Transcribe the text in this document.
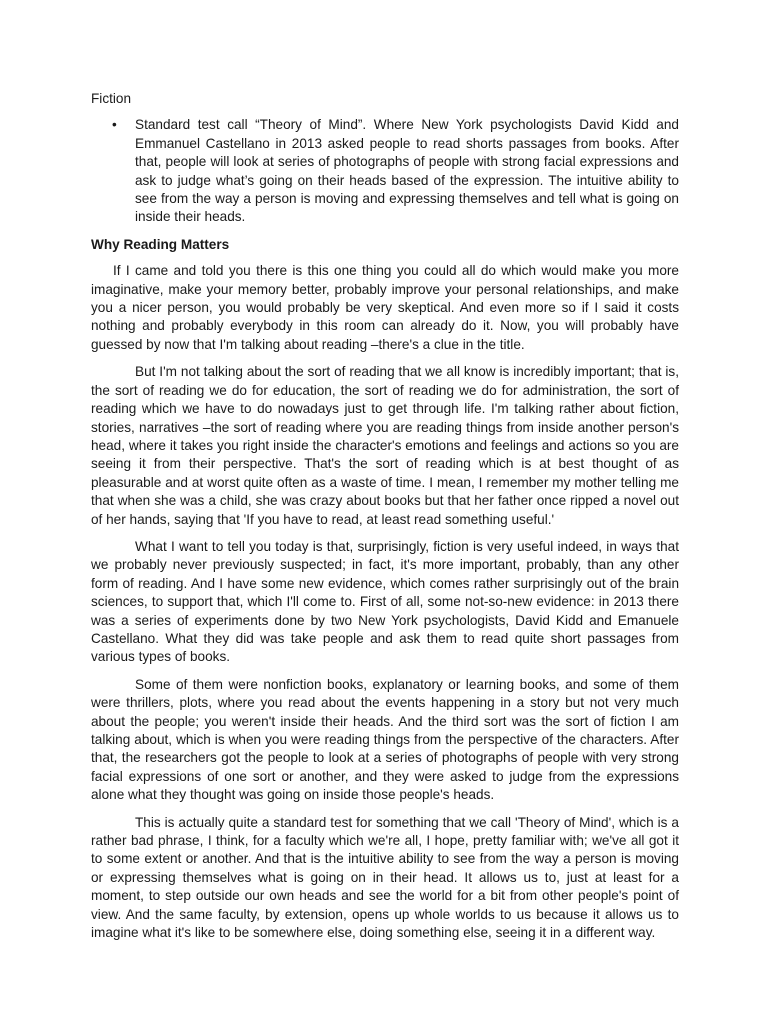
Fiction
• Standard test call “Theory of Mind”. Where New York psychologists David Kidd and Emmanuel Castellano in 2013 asked people to read shorts passages from books. After that, people will look at series of photographs of people with strong facial expressions and ask to judge what’s going on their heads based of the expression. The intuitive ability to see from the way a person is moving and expressing themselves and tell what is going on inside their heads.
Why Reading Matters

If I came and told you there is this one thing you could all do which would make you more imaginative, make your memory better, probably improve your personal relationships, and make you a nicer person, you would probably be very skeptical. And even more so if I said it costs nothing and probably everybody in this room can already do it. Now, you will probably have guessed by now that I'm talking about reading –there's a clue in the title.

But I'm not talking about the sort of reading that we all know is incredibly important; that is, the sort of reading we do for education, the sort of reading we do for administration, the sort of reading which we have to do nowadays just to get through life. I'm talking rather about fiction, stories, narratives –the sort of reading where you are reading things from inside another person's head, where it takes you right inside the character's emotions and feelings and actions so you are seeing it from their perspective. That's the sort of reading which is at best thought of as pleasurable and at worst quite often as a waste of time. I mean, I remember my mother telling me that when she was a child, she was crazy about books but that her father once ripped a novel out of her hands, saying that 'If you have to read, at least read something useful.'

What I want to tell you today is that, surprisingly, fiction is very useful indeed, in ways that we probably never previously suspected; in fact, it's more important, probably, than any other form of reading. And I have some new evidence, which comes rather surprisingly out of the brain sciences, to support that, which I'll come to. First of all, some not-so-new evidence: in 2013 there was a series of experiments done by two New York psychologists, David Kidd and Emanuele Castellano. What they did was take people and ask them to read quite short passages from various types of books.

Some of them were nonfiction books, explanatory or learning books, and some of them were thrillers, plots, where you read about the events happening in a story but not very much about the people; you weren't inside their heads. And the third sort was the sort of fiction I am talking about, which is when you were reading things from the perspective of the characters. After that, the researchers got the people to look at a series of photographs of people with very strong facial expressions of one sort or another, and they were asked to judge from the expressions alone what they thought was going on inside those people's heads.

This is actually quite a standard test for something that we call 'Theory of Mind', which is a rather bad phrase, I think, for a faculty which we're all, I hope, pretty familiar with; we've all got it to some extent or another. And that is the intuitive ability to see from the way a person is moving or expressing themselves what is going on in their head. It allows us to, just at least for a moment, to step outside our own heads and see the world for a bit from other people's point of view. And the same faculty, by extension, opens up whole worlds to us because it allows us to imagine what it's like to be somewhere else, doing something else, seeing it in a different way.
